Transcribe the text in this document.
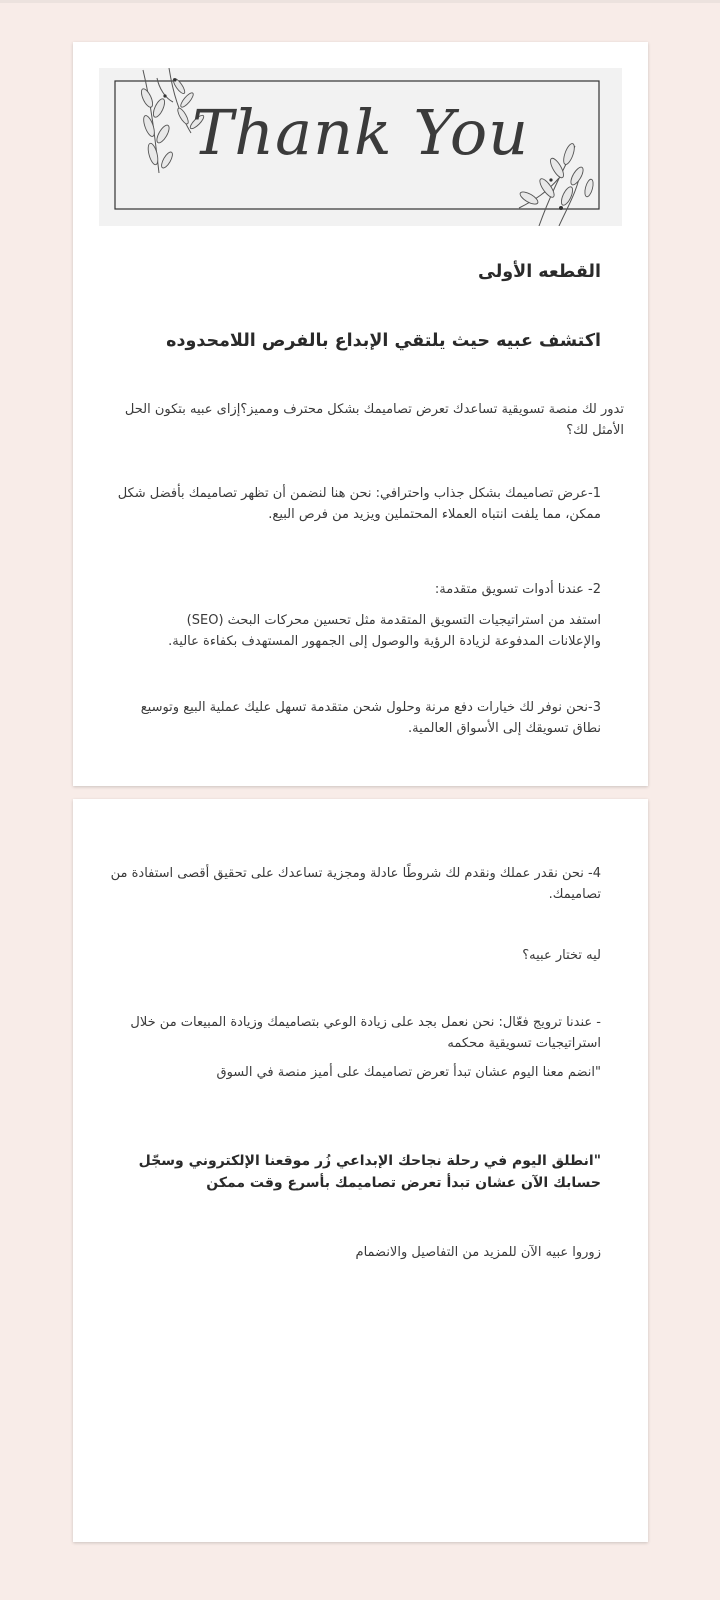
Thank You

القطعه الأولى

اكتشف عبيه حيث يلتقي الإبداع بالفرص اللامحدوده

تدور لك منصة تسويقية تساعدك تعرض تصاميمك بشكل محترف ومميز؟إزاى عبيه بتكون الحل الأمثل لك؟

1-عرض تصاميمك بشكل جذاب واحترافي: نحن هنا لنضمن أن تظهر تصاميمك بأفضل شكل ممكن، مما يلفت انتباه العملاء المحتملين ويزيد من فرص البيع.

2- عندنا أدوات تسويق متقدمة:

استفد من استراتيجيات التسويق المتقدمة مثل تحسين محركات البحث (SEO) والإعلانات المدفوعة لزيادة الرؤية والوصول إلى الجمهور المستهدف بكفاءة عالية.

3-نحن نوفر لك خيارات دفع مرنة وحلول شحن متقدمة تسهل عليك عملية البيع وتوسيع نطاق تسويقك إلى الأسواق العالمية.

4- نحن نقدر عملك ونقدم لك شروطًا عادلة ومجزية تساعدك على تحقيق أقصى استفادة من تصاميمك.

ليه تختار عبيه؟

- عندنا ترويج فعّال: نحن نعمل بجد على زيادة الوعي بتصاميمك وزيادة المبيعات من خلال استراتيجيات تسويقية محكمه

"انضم معنا اليوم عشان تبدأ تعرض تصاميمك على أميز منصة في السوق

"انطلق اليوم في رحلة نجاحك الإبداعي زُر موقعنا الإلكتروني وسجّل حسابك الآن عشان تبدأ تعرض تصاميمك بأسرع وقت ممكن

زوروا عبيه الآن للمزيد من التفاصيل والانضمام
